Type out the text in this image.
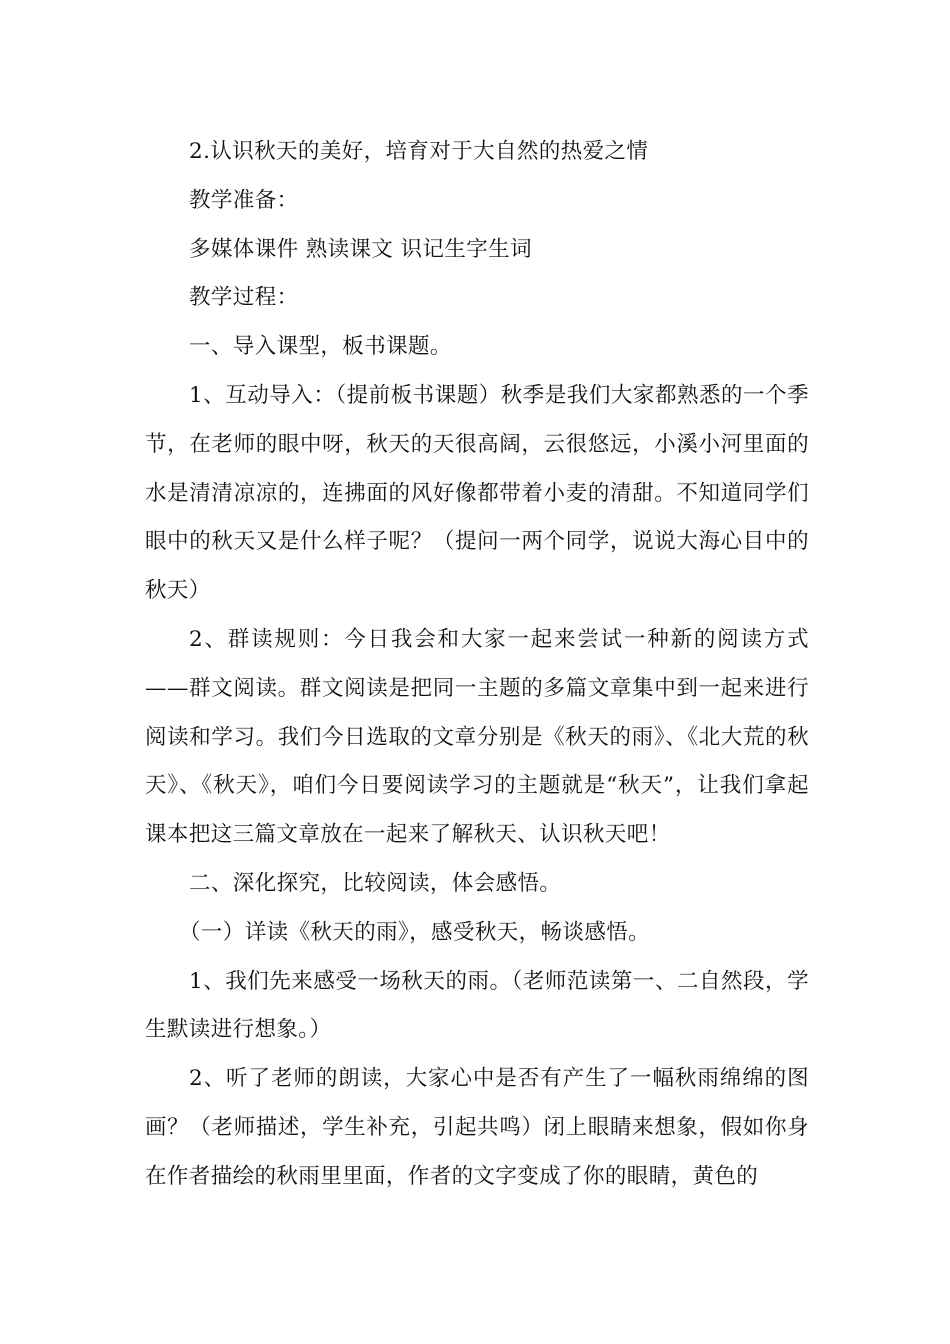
2.认识秋天的美好，培育对于大自然的热爱之情

教学准备：

多媒体课件 熟读课文 识记生字生词

教学过程：

一、导入课型，板书课题。

1、互动导入：（提前板书课题）秋季是我们大家都熟悉的一个季节，在老师的眼中呀，秋天的天很高阔，云很悠远，小溪小河里面的水是清清凉凉的，连拂面的风好像都带着小麦的清甜。不知道同学们眼中的秋天又是什么样子呢？（提问一两个同学，说说大海心目中的秋天）

2、群读规则：今日我会和大家一起来尝试一种新的阅读方式——群文阅读。群文阅读是把同一主题的多篇文章集中到一起来进行阅读和学习。我们今日选取的文章分别是《秋天的雨》、《北大荒的秋天》、《秋天》，咱们今日要阅读学习的主题就是“秋天”，让我们拿起课本把这三篇文章放在一起来了解秋天、认识秋天吧！

二、深化探究，比较阅读，体会感悟。

（一）详读《秋天的雨》，感受秋天，畅谈感悟。

1、我们先来感受一场秋天的雨。（老师范读第一、二自然段，学生默读进行想象。）

2、听了老师的朗读，大家心中是否有产生了一幅秋雨绵绵的图画？（老师描述，学生补充，引起共鸣）闭上眼睛来想象，假如你身在作者描绘的秋雨里里面，作者的文字变成了你的眼睛，黄色的
